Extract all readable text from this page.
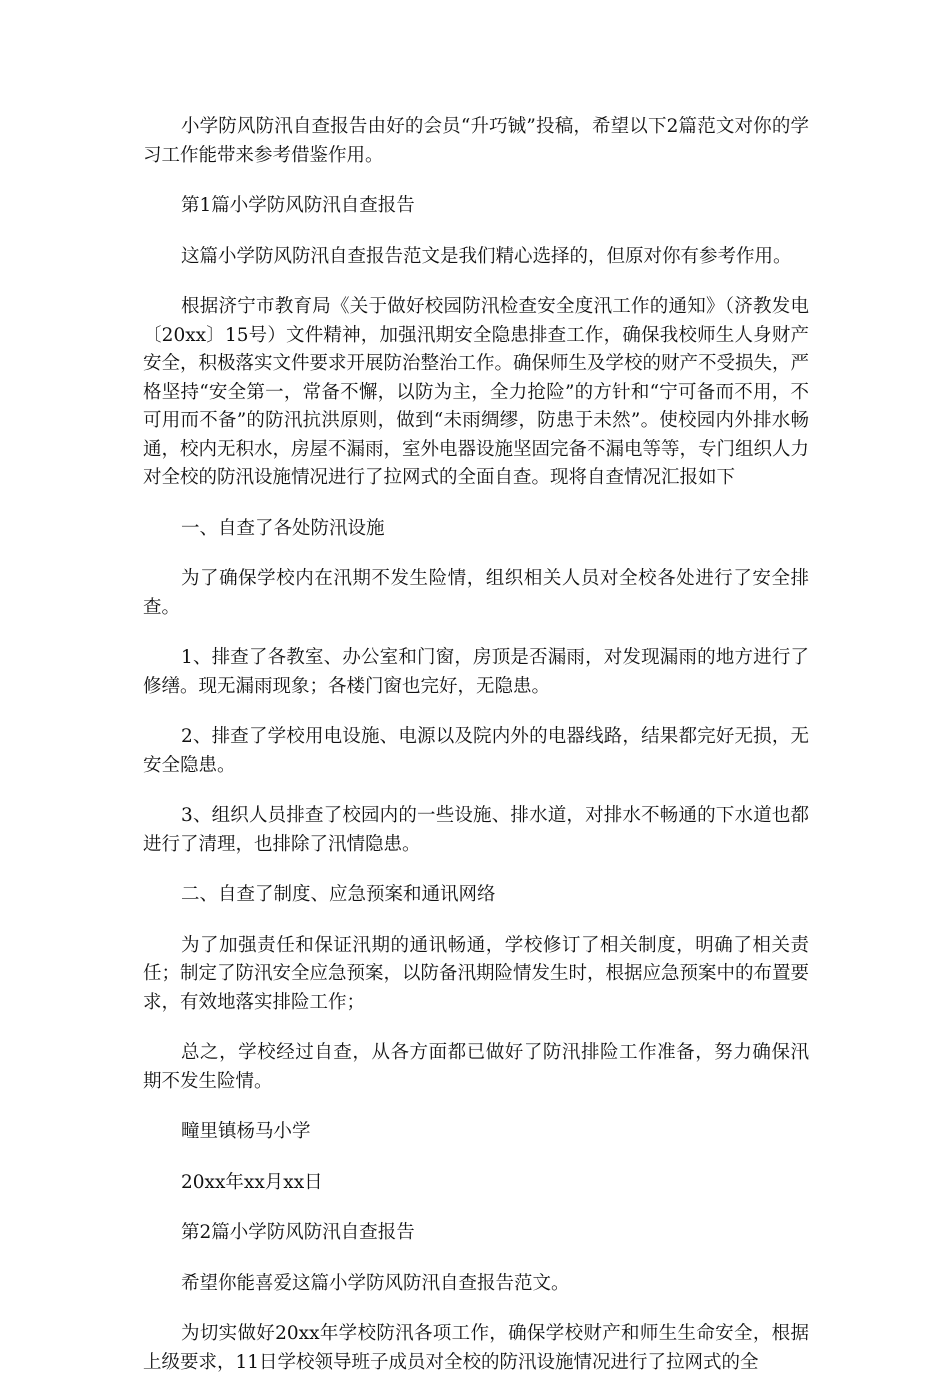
小学防风防汛自查报告由好的会员“升巧铖”投稿，希望以下2篇范文对你的学习工作能带来参考借鉴作用。

第1篇小学防风防汛自查报告

这篇小学防风防汛自查报告范文是我们精心选择的，但原对你有参考作用。

根据济宁市教育局《关于做好校园防汛检查安全度汛工作的通知》（济教发电〔20xx〕15号）文件精神，加强汛期安全隐患排查工作，确保我校师生人身财产安全，积极落实文件要求开展防治整治工作。确保师生及学校的财产不受损失，严格坚持“安全第一，常备不懈，以防为主，全力抢险”的方针和“宁可备而不用，不可用而不备”的防汛抗洪原则，做到“未雨绸缪，防患于未然”。使校园内外排水畅通，校内无积水，房屋不漏雨，室外电器设施坚固完备不漏电等等，专门组织人力对全校的防汛设施情况进行了拉网式的全面自查。现将自查情况汇报如下

一、自查了各处防汛设施

为了确保学校内在汛期不发生险情，组织相关人员对全校各处进行了安全排查。

1、排查了各教室、办公室和门窗，房顶是否漏雨，对发现漏雨的地方进行了修缮。现无漏雨现象；各楼门窗也完好，无隐患。

2、排查了学校用电设施、电源以及院内外的电器线路，结果都完好无损，无安全隐患。

3、组织人员排查了校园内的一些设施、排水道，对排水不畅通的下水道也都进行了清理，也排除了汛情隐患。

二、自查了制度、应急预案和通讯网络

为了加强责任和保证汛期的通讯畅通，学校修订了相关制度，明确了相关责任；制定了防汛安全应急预案，以防备汛期险情发生时，根据应急预案中的布置要求，有效地落实排险工作；

总之，学校经过自查，从各方面都已做好了防汛排险工作准备，努力确保汛期不发生险情。

疃里镇杨马小学

20xx年xx月xx日

第2篇小学防风防汛自查报告

希望你能喜爱这篇小学防风防汛自查报告范文。

为切实做好20xx年学校防汛各项工作，确保学校财产和师生生命安全，根据上级要求，11日学校领导班子成员对全校的防汛设施情况进行了拉网式的全
